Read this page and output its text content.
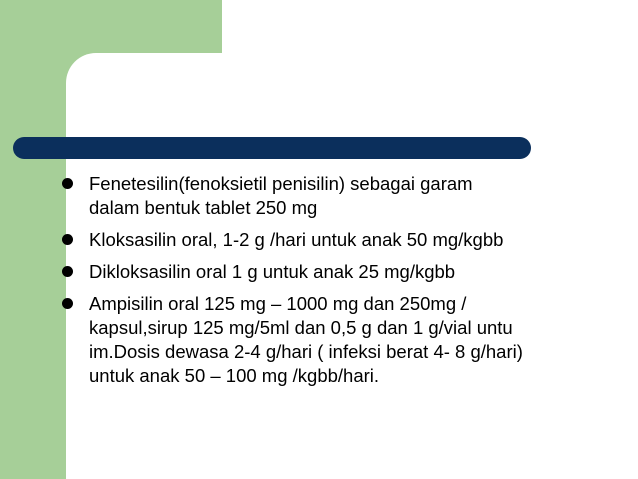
Fenetesilin(fenoksietil penisilin) sebagai garam
dalam bentuk tablet 250 mg
Kloksasilin oral, 1-2 g /hari untuk anak 50 mg/kgbb
Dikloksasilin oral 1 g untuk anak 25 mg/kgbb
Ampisilin oral 125 mg – 1000 mg dan 250mg /
kapsul,sirup 125 mg/5ml dan 0,5 g dan 1 g/vial untu
im.Dosis dewasa 2-4 g/hari ( infeksi berat 4- 8 g/hari)
untuk anak 50 – 100 mg /kgbb/hari.
